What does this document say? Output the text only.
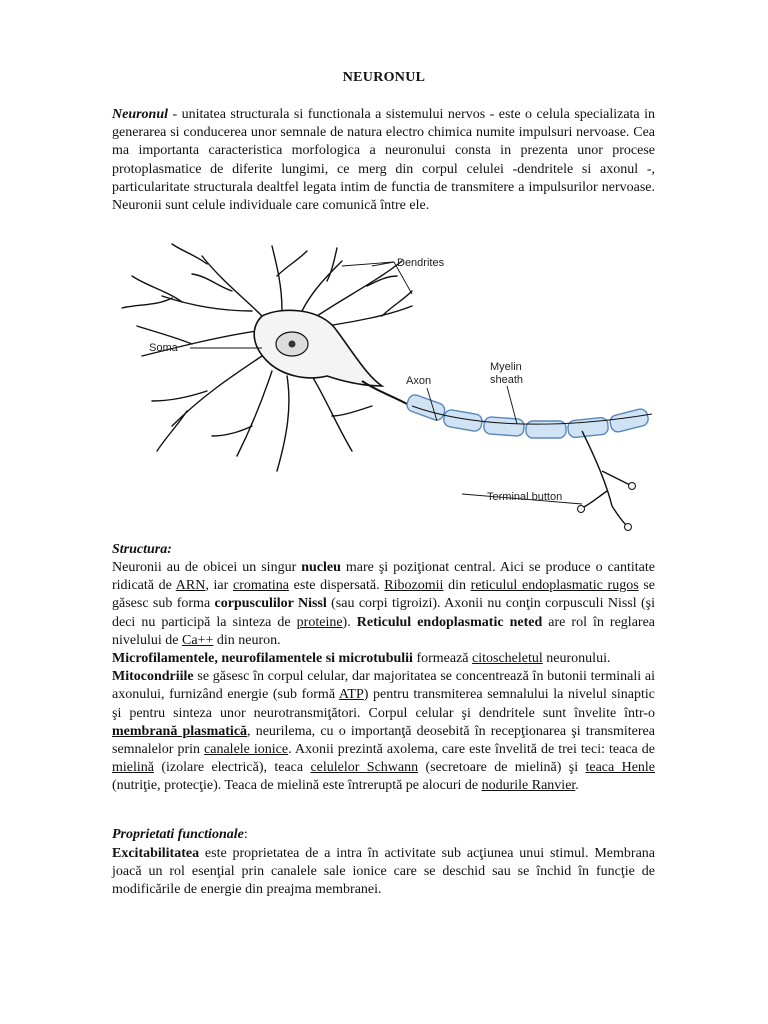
NEURONUL

Neuronul - unitatea structurala si functionala a sistemului nervos - este o celula specializata in generarea si conducerea unor semnale de natura electro chimica numite impulsuri nervoase. Cea ma importanta caracteristica morfologica a neuronului consta in prezenta unor procese protoplasmatice de diferite lungimi, ce merg din corpul celulei -dendritele si axonul -, particularitate structurala dealtfel legata intim de functia de transmitere a impulsurilor nervoase. Neuronii sunt celule individuale care comunică între ele.

Dendrites
Soma
Axon
Myelin
sheath
Terminal button

Structura:

Neuronii au de obicei un singur nucleu mare şi poziţionat central. Aici se produce o cantitate ridicată de ARN, iar cromatina este dispersată. Ribozomii din reticulul endoplasmatic rugos se găsesc sub forma corpusculilor Nissl (sau corpi tigroizi). Axonii nu conţin corpusculi Nissl (şi deci nu participă la sinteza de proteine). Reticulul endoplasmatic neted are rol în reglarea nivelului de Ca++ din neuron.
Microfilamentele, neurofilamentele si microtubulii formează citoscheletul neuronului.
Mitocondriile se găsesc în corpul celular, dar majoritatea se concentrează în butonii terminali ai axonului, furnizând energie (sub formă ATP) pentru transmiterea semnalului la nivelul sinaptic şi pentru sinteza unor neurotransmiţători. Corpul celular şi dendritele sunt învelite într-o membrană plasmatică, neurilema, cu o importanţă deosebită în recepţionarea şi transmiterea semnalelor prin canalele ionice. Axonii prezintă axolema, care este învelită de trei teci: teaca de mielină (izolare electrică), teaca celulelor Schwann (secretoare de mielină) şi teaca Henle (nutriţie, protecţie). Teaca de mielină este întreruptă pe alocuri de nodurile Ranvier.

Proprietati functionale:

Excitabilitatea este proprietatea de a intra în activitate sub acţiunea unui stimul. Membrana joacă un rol esenţial prin canalele sale ionice care se deschid sau se închid în funcţie de modificările de energie din preajma membranei.
